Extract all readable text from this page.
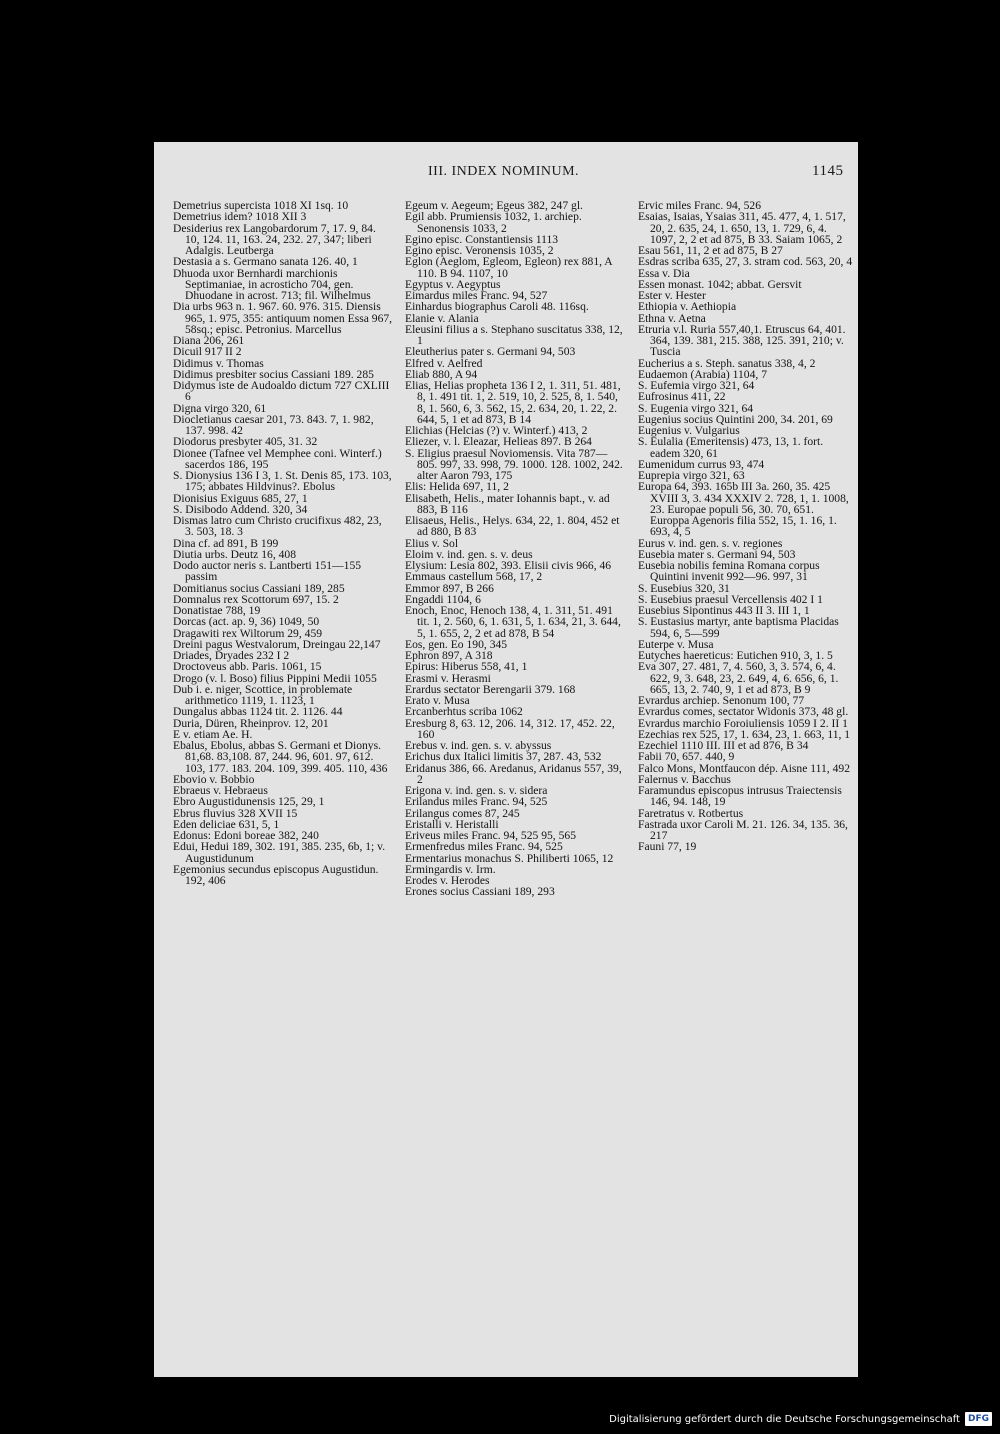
III. INDEX NOMINUM.	1145

Demetrius supercista 1018 XI 1sq. 10

Demetrius idem? 1018 XII 3

Desiderius rex Langobardorum 7, 17. 9, 84. 10, 124. 11, 163. 24, 232. 27, 347; liberi Adalgis. Leutberga

Destasia a s. Germano sanata 126. 40, 1

Dhuoda uxor Bernhardi marchionis Septimaniae, in acrosticho 704, gen. Dhuodane in acrost. 713; fil. Wilhelmus

Dia urbs 963 n. 1. 967. 60. 976. 315. Diensis 965, 1. 975, 355: antiquum nomen Essa 967, 58sq.; episc. Petronius. Marcellus

Diana 206, 261

Dicuil 917 II 2

Didimus v. Thomas

Didimus presbiter socius Cassiani 189. 285

Didymus iste de Audoaldo dictum 727 CXLIII 6

Digna virgo 320, 61

Diocletianus caesar 201, 73. 843. 7, 1. 982, 137. 998. 42

Diodorus presbyter 405, 31. 32

Dionee (Tafnee vel Memphee coni. Winterf.) sacerdos 186, 195

S. Dionysius 136 I 3, 1. St. Denis 85, 173. 103, 175; abbates Hildvinus?. Ebolus

Dionisius Exiguus 685, 27, 1

S. Disibodo Addend. 320, 34

Dismas latro cum Christo crucifixus 482, 23, 3. 503, 18. 3

Dina cf. ad 891, B 199

Diutia urbs. Deutz 16, 408

Dodo auctor neris s. Lantberti 151—155 passim

Domitianus socius Cassiani 189, 285

Domnalus rex Scottorum 697, 15. 2

Donatistae 788, 19

Dorcas (act. ap. 9, 36) 1049, 50

Dragawiti rex Wiltorum 29, 459

Dreini pagus Westvalorum, Dreingau 22,147

Driades, Dryades 232 I 2

Droctoveus abb. Paris. 1061, 15

Drogo (v. l. Boso) filius Pippini Medii 1055

Dub i. e. niger, Scottice, in problemate arithmetico 1119, 1. 1123, 1

Dungalus abbas 1124 tit. 2. 1126. 44

Duria, Düren, Rheinprov. 12, 201

E v. etiam Ae. H.

Ebalus, Ebolus, abbas S. Germani et Dionys. 81,68. 83,108. 87, 244. 96, 601. 97, 612. 103, 177. 183. 204. 109, 399. 405. 110, 436

Ebovio v. Bobbio

Ebraeus v. Hebraeus

Ebro Augustidunensis 125, 29, 1

Ebrus fluvius 328 XVII 15

Eden deliciae 631, 5, 1

Edonus: Edoni boreae 382, 240

Edui, Hedui 189, 302. 191, 385. 235, 6b, 1; v. Augustidunum

Egemonius secundus episcopus Augustidun. 192, 406

Egeum v. Aegeum; Egeus 382, 247 gl.

Egil abb. Prumiensis 1032, 1. archiep. Senonensis 1033, 2

Egino episc. Constantiensis 1113

Egino episc. Veronensis 1035, 2

Eglon (Aeglom, Egleom, Egleon) rex 881, A 110. B 94. 1107, 10

Egyptus v. Aegyptus

Eimardus miles Franc. 94, 527

Einhardus biographus Caroli 48. 116sq.

Elanie v. Alania

Eleusini filius a s. Stephano suscitatus 338, 12, 1

Eleutherius pater s. Germani 94, 503

Elfred v. Aelfred

Eliab 880, A 94

Elias, Helias propheta 136 I 2, 1. 311, 51. 481, 8, 1. 491 tit. 1, 2. 519, 10, 2. 525, 8, 1. 540, 8, 1. 560, 6, 3. 562, 15, 2. 634, 20, 1. 22, 2. 644, 5, 1 et ad 873, B 14

Elichias (Helcias (?) v. Winterf.) 413, 2

Eliezer, v. l. Eleazar, Helieas 897. B 264

S. Eligius praesul Noviomensis. Vita 787—805. 997, 33. 998, 79. 1000. 128. 1002, 242. alter Aaron 793, 175

Elis: Helida 697, 11, 2

Elisabeth, Helis., mater Iohannis bapt., v. ad 883, B 116

Elisaeus, Helis., Helys. 634, 22, 1. 804, 452 et ad 880, B 83

Elius v. Sol

Eloim v. ind. gen. s. v. deus

Elysium: Lesia 802, 393. Elisii civis 966, 46

Emmaus castellum 568, 17, 2

Emmor 897, B 266

Engaddi 1104, 6

Enoch, Enoc, Henoch 138, 4, 1. 311, 51. 491 tit. 1, 2. 560, 6, 1. 631, 5, 1. 634, 21, 3. 644, 5, 1. 655, 2, 2 et ad 878, B 54

Eos, gen. Eo 190, 345

Ephron 897, A 318

Epirus: Hiberus 558, 41, 1

Erasmi v. Herasmi

Erardus sectator Berengarii 379. 168

Erato v. Musa

Ercanberhtus scriba 1062

Eresburg 8, 63. 12, 206. 14, 312. 17, 452. 22, 160

Erebus v. ind. gen. s. v. abyssus

Erichus dux Italici limitis 37, 287. 43, 532

Eridanus 386, 66. Aredanus, Aridanus 557, 39, 2

Erigona v. ind. gen. s. v. sidera

Erilandus miles Franc. 94, 525

Erilangus comes 87, 245

Eristalli v. Heristalli

Eriveus miles Franc. 94, 525 95, 565

Ermenfredus miles Franc. 94, 525

Ermentarius monachus S. Philiberti 1065, 12

Ermingardis v. Irm.

Erodes v. Herodes

Erones socius Cassiani 189, 293

Ervic miles Franc. 94, 526

Esaias, Isaias, Ysaias 311, 45. 477, 4, 1. 517, 20, 2. 635, 24, 1. 650, 13, 1. 729, 6, 4. 1097, 2, 2 et ad 875, B 33. Saiam 1065, 2

Esau 561, 11, 2 et ad 875, B 27

Esdras scriba 635, 27, 3. stram cod. 563, 20, 4

Essa v. Dia

Essen monast. 1042; abbat. Gersvit

Ester v. Hester

Ethiopia v. Aethiopia

Ethna v. Aetna

Etruria v.l. Ruria 557,40,1. Etruscus 64, 401. 364, 139. 381, 215. 388, 125. 391, 210; v. Tuscia

Eucherius a s. Steph. sanatus 338, 4, 2

Eudaemon (Arabia) 1104, 7

S. Eufemia virgo 321, 64

Eufrosinus 411, 22

S. Eugenia virgo 321, 64

Eugenius socius Quintini 200, 34. 201, 69

Eugenius v. Vulgarius

S. Eulalia (Emeritensis) 473, 13, 1. fort. eadem 320, 61

Eumenidum currus 93, 474

Euprepia virgo 321, 63

Europa 64, 393. 165b III 3a. 260, 35. 425 XVIII 3, 3. 434 XXXIV 2. 728, 1, 1. 1008, 23. Europae populi 56, 30. 70, 651. Europpa Agenoris filia 552, 15, 1. 16, 1. 693, 4, 5

Eurus v. ind. gen. s. v. regiones

Eusebia mater s. Germani 94, 503

Eusebia nobilis femina Romana corpus Quintini invenit 992—96. 997, 31

S. Eusebius 320, 31

S. Eusebius praesul Vercellensis 402 I 1

Eusebius Sipontinus 443 II 3. III 1, 1

S. Eustasius martyr, ante baptisma Placidas 594, 6, 5—599

Euterpe v. Musa

Eutyches haereticus: Eutichen 910, 3, 1. 5

Eva 307, 27. 481, 7, 4. 560, 3, 3. 574, 6, 4. 622, 9, 3. 648, 23, 2. 649, 4, 6. 656, 6, 1. 665, 13, 2. 740, 9, 1 et ad 873, B 9

Evrardus archiep. Senonum 100, 77

Evrardus comes, sectator Widonis 373, 48 gl.

Evrardus marchio Foroiuliensis 1059 I 2. II 1

Ezechias rex 525, 17, 1. 634, 23, 1. 663, 11, 1

Ezechiel 1110 III. III et ad 876, B 34

Fabii 70, 657. 440, 9

Falco Mons, Montfaucon dép. Aisne 111, 492

Falernus v. Bacchus

Faramundus episcopus intrusus Traiectensis 146, 94. 148, 19

Faretratus v. Rotbertus

Fastrada uxor Caroli M. 21. 126. 34, 135. 36, 217

Fauni 77, 19

Digitalisierung gefördert durch die Deutsche Forschungsgemeinschaft DFG
